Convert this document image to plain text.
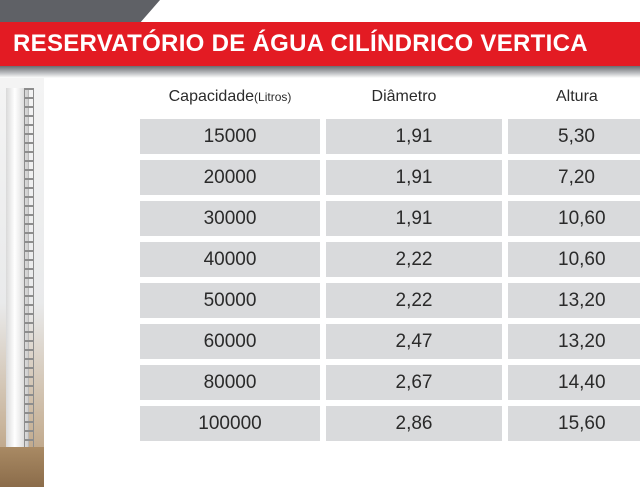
RESERVATÓRIO DE ÁGUA CILÍNDRICO VERTICA
Capacidade(Litros)	Diâmetro	Altura
15000	1,91	5,30
20000	1,91	7,20
30000	1,91	10,60
40000	2,22	10,60
50000	2,22	13,20
60000	2,47	13,20
80000	2,67	14,40
100000	2,86	15,60
